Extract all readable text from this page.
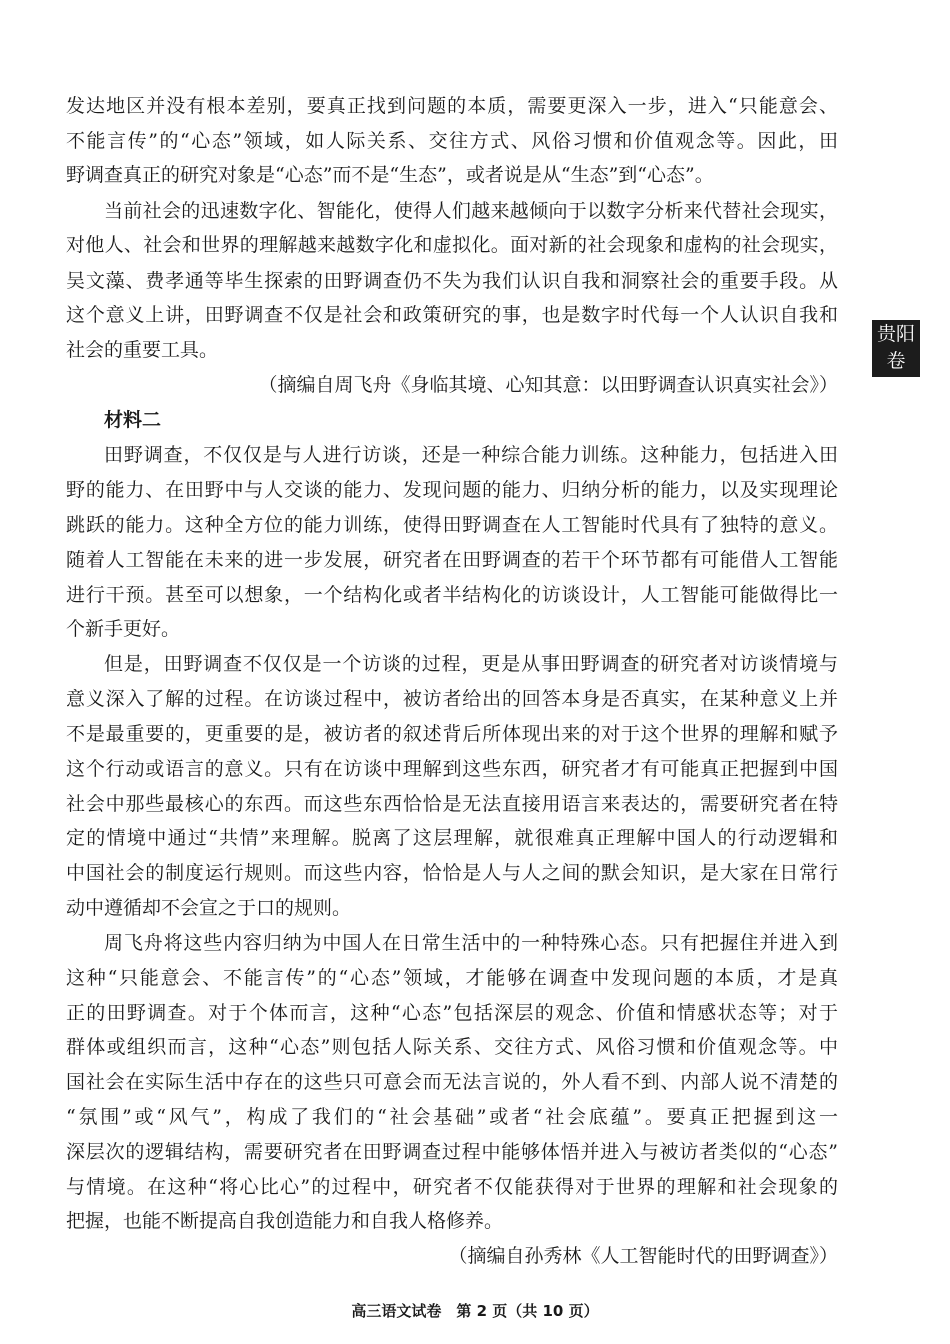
贵阳
卷
发达地区并没有根本差别，要真正找到问题的本质，需要更深入一步，进入“只能意会、
不能言传”的“心态”领域，如人际关系、交往方式、风俗习惯和价值观念等。因此，田
野调查真正的研究对象是“心态”而不是“生态”，或者说是从“生态”到“心态”。
当前社会的迅速数字化、智能化，使得人们越来越倾向于以数字分析来代替社会现实，
对他人、社会和世界的理解越来越数字化和虚拟化。面对新的社会现象和虚构的社会现实，
吴文藻、费孝通等毕生探索的田野调查仍不失为我们认识自我和洞察社会的重要手段。从
这个意义上讲，田野调查不仅是社会和政策研究的事，也是数字时代每一个人认识自我和
社会的重要工具。
（摘编自周飞舟《身临其境、心知其意：以田野调查认识真实社会》）
材料二
田野调查，不仅仅是与人进行访谈，还是一种综合能力训练。这种能力，包括进入田
野的能力、在田野中与人交谈的能力、发现问题的能力、归纳分析的能力，以及实现理论
跳跃的能力。这种全方位的能力训练，使得田野调查在人工智能时代具有了独特的意义。
随着人工智能在未来的进一步发展，研究者在田野调查的若干个环节都有可能借人工智能
进行干预。甚至可以想象，一个结构化或者半结构化的访谈设计，人工智能可能做得比一
个新手更好。
但是，田野调查不仅仅是一个访谈的过程，更是从事田野调查的研究者对访谈情境与
意义深入了解的过程。在访谈过程中，被访者给出的回答本身是否真实，在某种意义上并
不是最重要的，更重要的是，被访者的叙述背后所体现出来的对于这个世界的理解和赋予
这个行动或语言的意义。只有在访谈中理解到这些东西，研究者才有可能真正把握到中国
社会中那些最核心的东西。而这些东西恰恰是无法直接用语言来表达的，需要研究者在特
定的情境中通过“共情”来理解。脱离了这层理解，就很难真正理解中国人的行动逻辑和
中国社会的制度运行规则。而这些内容，恰恰是人与人之间的默会知识，是大家在日常行
动中遵循却不会宣之于口的规则。
周飞舟将这些内容归纳为中国人在日常生活中的一种特殊心态。只有把握住并进入到
这种“只能意会、不能言传”的“心态”领域，才能够在调查中发现问题的本质，才是真
正的田野调查。对于个体而言，这种“心态”包括深层的观念、价值和情感状态等；对于
群体或组织而言，这种“心态”则包括人际关系、交往方式、风俗习惯和价值观念等。中
国社会在实际生活中存在的这些只可意会而无法言说的，外人看不到、内部人说不清楚的
“氛围”或“风气”，构成了我们的“社会基础”或者“社会底蕴”。要真正把握到这一
深层次的逻辑结构，需要研究者在田野调查过程中能够体悟并进入与被访者类似的“心态”
与情境。在这种“将心比心”的过程中，研究者不仅能获得对于世界的理解和社会现象的
把握，也能不断提高自我创造能力和自我人格修养。
（摘编自孙秀林《人工智能时代的田野调查》）
高三语文试卷　第 2 页（共 10 页）
